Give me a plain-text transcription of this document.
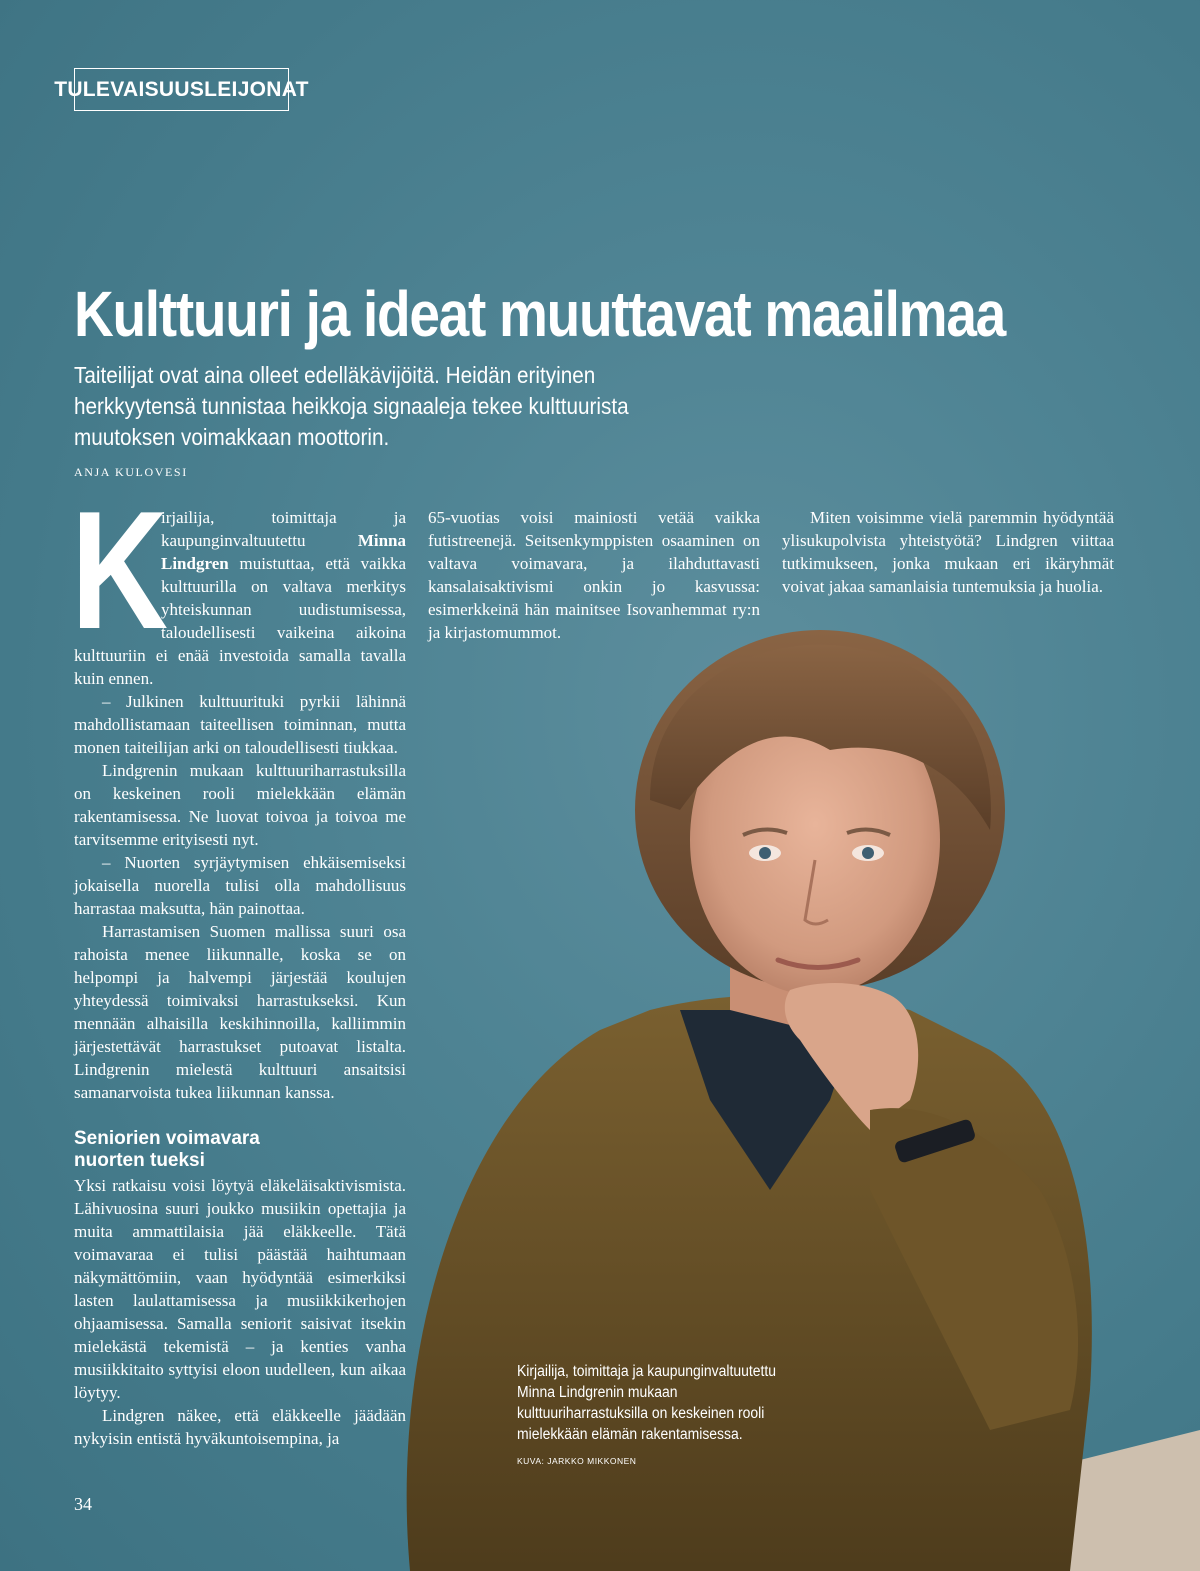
TULEVAISUUSLEIJONAT
Kulttuuri ja ideat muuttavat maailmaa

Taiteilijat ovat aina olleet edelläkävijöitä. Heidän erityinen herkkyytensä tunnistaa heikkoja signaaleja tekee kulttuurista muutoksen voimakkaan moottorin.

ANJA KULOVESI

K
irjailija, toimittaja ja kaupunginvaltuutettu Minna Lindgren muistuttaa, että vaikka kulttuurilla on valtava merkitys yhteiskunnan uudistumisessa, taloudellisesti vaikeina aikoina kulttuuriin ei enää investoida samalla tavalla kuin ennen.

– Julkinen kulttuurituki pyrkii lähinnä mahdollistamaan taiteellisen toiminnan, mutta monen taiteilijan arki on taloudellisesti tiukkaa.

Lindgrenin mukaan kulttuuriharrastuksilla on keskeinen rooli mielekkään elämän rakentamisessa. Ne luovat toivoa ja toivoa me tarvitsemme erityisesti nyt.

– Nuorten syrjäytymisen ehkäisemiseksi jokaisella nuorella tulisi olla mahdollisuus harrastaa maksutta, hän painottaa.

Harrastamisen Suomen mallissa suuri osa rahoista menee liikunnalle, koska se on helpompi ja halvempi järjestää koulujen yhteydessä toimivaksi harrastukseksi. Kun mennään alhaisilla keskihinnoilla, kalliimmin järjestettävät harrastukset putoavat listalta. Lindgrenin mielestä kulttuuri ansaitsisi samanarvoista tukea liikunnan kanssa.

Seniorien voimavara
nuorten tueksi

Yksi ratkaisu voisi löytyä eläkeläisaktivismista. Lähivuosina suuri joukko musiikin opettajia ja muita ammattilaisia jää eläkkeelle. Tätä voimavaraa ei tulisi päästää haihtumaan näkymättömiin, vaan hyödyntää esimerkiksi lasten laulattamisessa ja musiikkikerhojen ohjaamisessa. Samalla seniorit saisivat itsekin mielekästä tekemistä – ja kenties vanha musiikkitaito syttyisi eloon uudelleen, kun aikaa löytyy.

Lindgren näkee, että eläkkeelle jäädään nykyisin entistä hyväkuntoisempina, ja

65-vuotias voisi mainiosti vetää vaikka futistreenejä. Seitsenkymppisten osaaminen on valtava voimavara, ja ilahduttavasti kansalaisaktivismi onkin jo kasvussa: esimerkkeinä hän mainitsee Isovanhemmat ry:n ja kirjastomummot.

Miten voisimme vielä paremmin hyödyntää ylisukupolvista yhteistyötä? Lindgren viittaa tutkimukseen, jonka mukaan eri ikäryhmät voivat jakaa samanlaisia tuntemuksia ja huolia.

Kirjailija, toimittaja ja kaupunginvaltuutettu Minna Lindgrenin mukaan kulttuuriharrastuksilla on keskeinen rooli mielekkään elämän rakentamisessa.
KUVA: JARKKO MIKKONEN
34
